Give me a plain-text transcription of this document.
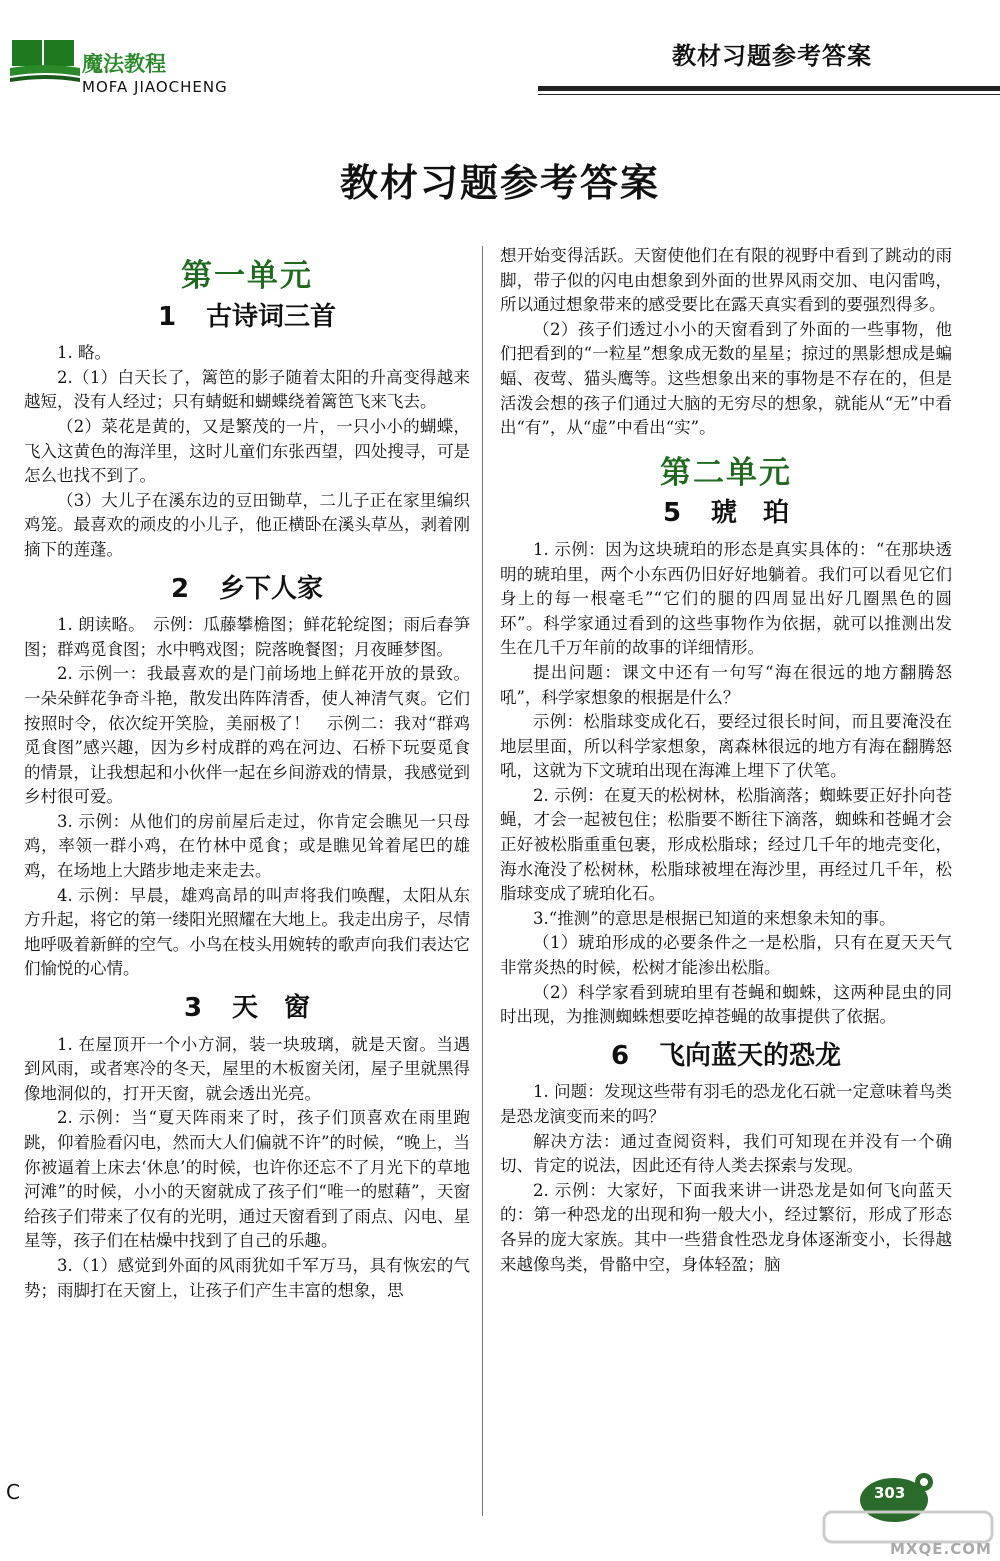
魔法教程
MOFA JIAOCHENG
教材习题参考答案
教材习题参考答案
第一单元
1 古诗词三首

1. 略。

2.（1）白天长了，篱笆的影子随着太阳的升高变得越来越短，没有人经过；只有蜻蜓和蝴蝶绕着篱笆飞来飞去。

（2）菜花是黄的，又是繁茂的一片，一只小小的蝴蝶，飞入这黄色的海洋里，这时儿童们东张西望，四处搜寻，可是怎么也找不到了。

（3）大儿子在溪东边的豆田锄草，二儿子正在家里编织鸡笼。最喜欢的顽皮的小儿子，他正横卧在溪头草丛，剥着刚摘下的莲蓬。

2 乡下人家

1. 朗读略。　示例：瓜藤攀檐图；鲜花轮绽图；雨后春笋图；群鸡觅食图；水中鸭戏图；院落晚餐图；月夜睡梦图。

2. 示例一：我最喜欢的是门前场地上鲜花开放的景致。一朵朵鲜花争奇斗艳，散发出阵阵清香，使人神清气爽。它们按照时令，依次绽开笑脸，美丽极了！　示例二：我对“群鸡觅食图”感兴趣，因为乡村成群的鸡在河边、石桥下玩耍觅食的情景，让我想起和小伙伴一起在乡间游戏的情景，我感觉到乡村很可爱。

3. 示例：从他们的房前屋后走过，你肯定会瞧见一只母鸡，率领一群小鸡，在竹林中觅食；或是瞧见耸着尾巴的雄鸡，在场地上大踏步地走来走去。

4. 示例：早晨，雄鸡高昂的叫声将我们唤醒，太阳从东方升起，将它的第一缕阳光照耀在大地上。我走出房子，尽情地呼吸着新鲜的空气。小鸟在枝头用婉转的歌声向我们表达它们愉悦的心情。

3 天　窗

1. 在屋顶开一个小方洞，装一块玻璃，就是天窗。当遇到风雨，或者寒冷的冬天，屋里的木板窗关闭，屋子里就黑得像地洞似的，打开天窗，就会透出光亮。

2. 示例：当“夏天阵雨来了时，孩子们顶喜欢在雨里跑跳，仰着脸看闪电，然而大人们偏就不许”的时候，“晚上，当你被逼着上床去‘休息’的时候，也许你还忘不了月光下的草地河滩”的时候，小小的天窗就成了孩子们“唯一的慰藉”，天窗给孩子们带来了仅有的光明，通过天窗看到了雨点、闪电、星星等，孩子们在枯燥中找到了自己的乐趣。

3.（1）感觉到外面的风雨犹如千军万马，具有恢宏的气势；雨脚打在天窗上，让孩子们产生丰富的想象，思

想开始变得活跃。天窗使他们在有限的视野中看到了跳动的雨脚，带子似的闪电由想象到外面的世界风雨交加、电闪雷鸣，所以通过想象带来的感受要比在露天真实看到的要强烈得多。

（2）孩子们透过小小的天窗看到了外面的一些事物，他们把看到的“一粒星”想象成无数的星星；掠过的黑影想成是蝙蝠、夜莺、猫头鹰等。这些想象出来的事物是不存在的，但是活泼会想的孩子们通过大脑的无穷尽的想象，就能从“无”中看出“有”，从“虚”中看出“实”。

第二单元
5 琥　珀

1. 示例：因为这块琥珀的形态是真实具体的：“在那块透明的琥珀里，两个小东西仍旧好好地躺着。我们可以看见它们身上的每一根毫毛”“它们的腿的四周显出好几圈黑色的圆环”。科学家通过看到的这些事物作为依据，就可以推测出发生在几千万年前的故事的详细情形。

提出问题：课文中还有一句写“海在很远的地方翻腾怒吼”，科学家想象的根据是什么？

示例：松脂球变成化石，要经过很长时间，而且要淹没在地层里面，所以科学家想象，离森林很远的地方有海在翻腾怒吼，这就为下文琥珀出现在海滩上埋下了伏笔。

2. 示例：在夏天的松树林，松脂滴落；蜘蛛要正好扑向苍蝇，才会一起被包住；松脂要不断往下滴落，蜘蛛和苍蝇才会正好被松脂重重包裹，形成松脂球；经过几千年的地壳变化，海水淹没了松树林，松脂球被埋在海沙里，再经过几千年，松脂球变成了琥珀化石。

3.“推测”的意思是根据已知道的来想象未知的事。

（1）琥珀形成的必要条件之一是松脂，只有在夏天天气非常炎热的时候，松树才能渗出松脂。

（2）科学家看到琥珀里有苍蝇和蜘蛛，这两种昆虫的同时出现，为推测蜘蛛想要吃掉苍蝇的故事提供了依据。

6 飞向蓝天的恐龙

1. 问题：发现这些带有羽毛的恐龙化石就一定意味着鸟类是恐龙演变而来的吗？

解决方法：通过查阅资料，我们可知现在并没有一个确切、肯定的说法，因此还有待人类去探索与发现。

2. 示例：大家好，下面我来讲一讲恐龙是如何飞向蓝天的：第一种恐龙的出现和狗一般大小，经过繁衍，形成了形态各异的庞大家族。其中一些猎食性恐龙身体逐渐变小，长得越来越像鸟类，骨骼中空，身体轻盈；脑

C	303
MXQE.COM
